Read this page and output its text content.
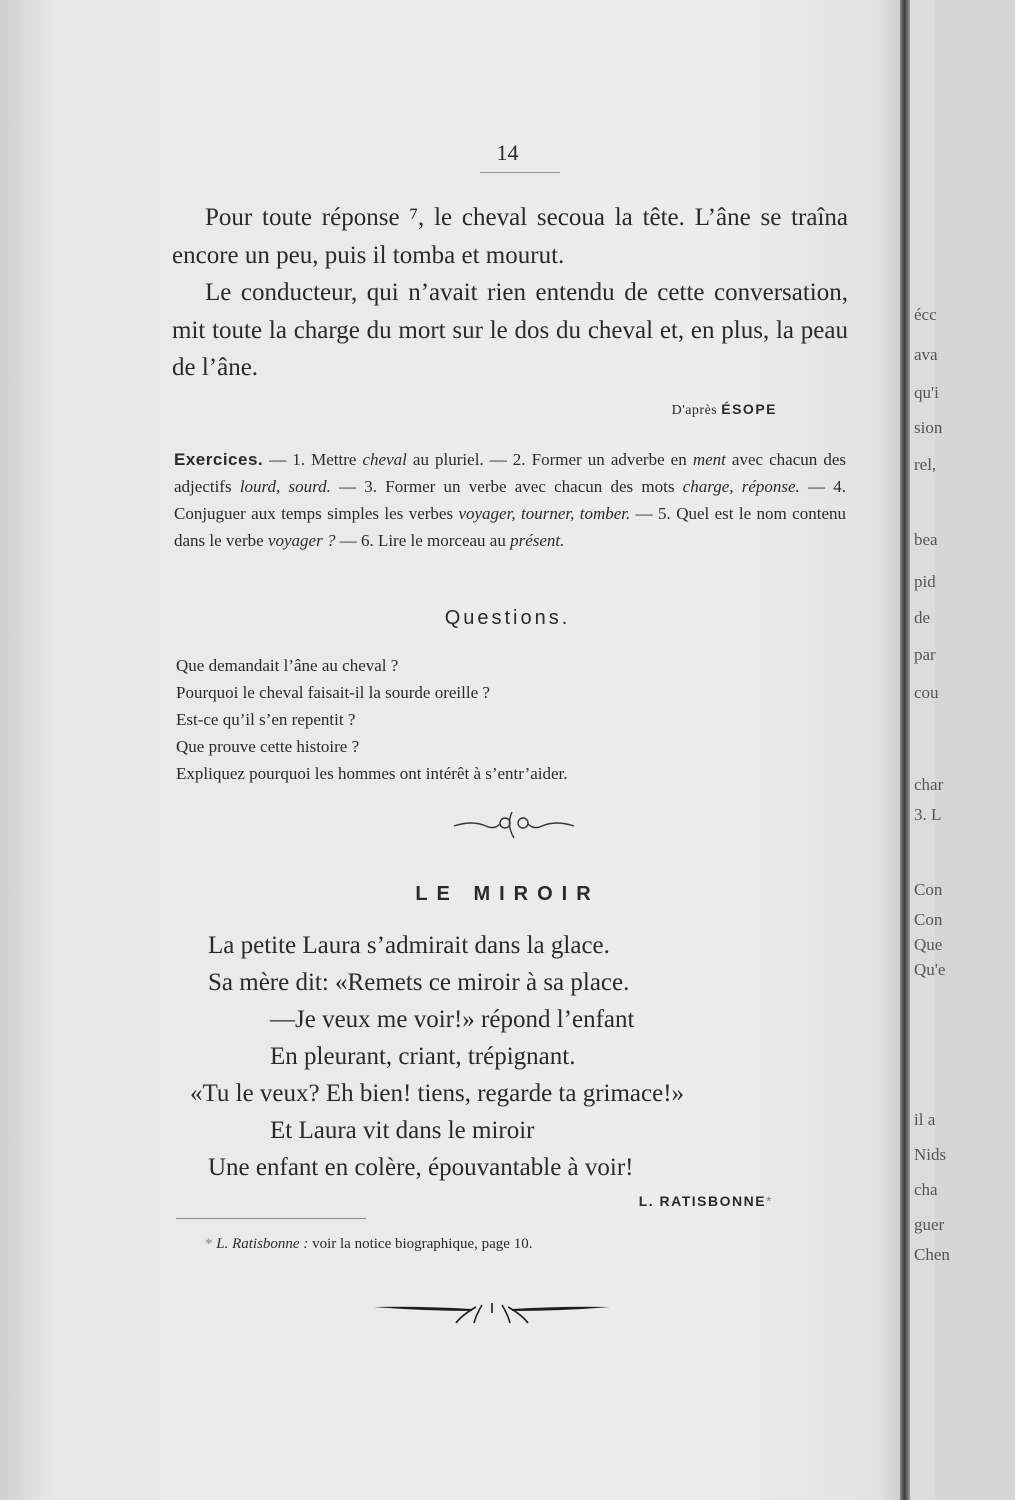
écc
ava
qu'i
sion
rel,
bea
pid
de
par
cou
char
3. L
Con
Con
Que
Qu'e
il a
Nids
cha
guer
Chen
14

Pour toute réponse ⁷, le cheval secoua la tête. L’âne se traîna encore un peu, puis il tomba et mourut.

Le conducteur, qui n’avait rien entendu de cette conversation, mit toute la charge du mort sur le dos du cheval et, en plus, la peau de l’âne.

D'après ÉSOPE
Exercices. — 1. Mettre cheval au pluriel. — 2. Former un adverbe en ment avec chacun des adjectifs lourd, sourd. — 3. Former un verbe avec chacun des mots charge, réponse. — 4. Conjuguer aux temps simples les verbes voyager, tourner, tomber. — 5. Quel est le nom contenu dans le verbe voyager ? — 6. Lire le morceau au présent.
Questions.
Que demandait l’âne au cheval ?
Pourquoi le cheval faisait-il la sourde oreille ?
Est-ce qu’il s’en repentit ?
Que prouve cette histoire ?
Expliquez pourquoi les hommes ont intérêt à s’entr’aider.
LE MIROIR
La petite Laura s’admirait dans la glace.
Sa mère dit: «Remets ce miroir à sa place.
—Je veux me voir!» répond l’enfant
En pleurant, criant, trépignant.
«Tu le veux? Eh bien! tiens, regarde ta grimace!»
Et Laura vit dans le miroir
Une enfant en colère, épouvantable à voir!
L. RATISBONNE*
* L. Ratisbonne : voir la notice biographique, page 10.
